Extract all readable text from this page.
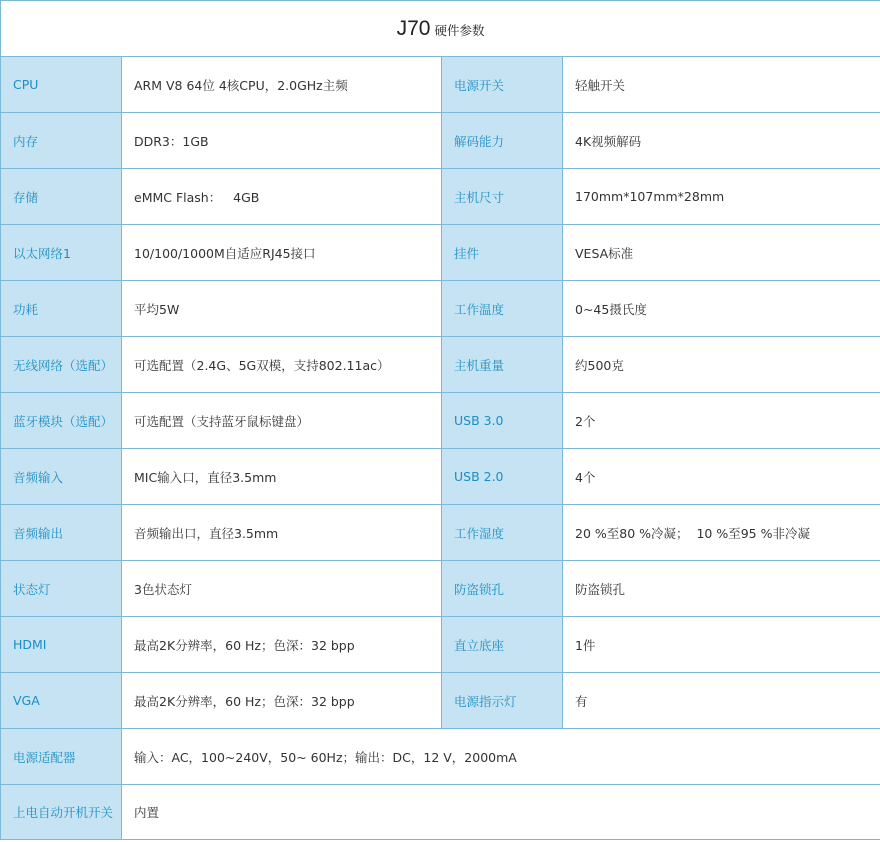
J70 硬件参数			
CPU	ARM V8 64位 4核CPU，2.0GHz主频	电源开关	轻触开关
内存	DDR3：1GB	解码能力	4K视频解码
存储	eMMC Flash：   4GB	主机尺寸	170mm*107mm*28mm
以太网络1	10/100/1000M自适应RJ45接口	挂件	VESA标准
功耗	平均5W	工作温度	0~45摄氏度
无线网络（选配）	可选配置（2.4G、5G双模，支持802.11ac）	主机重量	约500克
蓝牙模块（选配）	可选配置（支持蓝牙鼠标键盘）	USB 3.0	2个
音频输入	MIC输入口，直径3.5mm	USB 2.0	4个
音频输出	音频输出口，直径3.5mm	工作湿度	20 %至80 %冷凝；  10 %至95 %非冷凝
状态灯	3色状态灯	防盗锁孔	防盗锁孔
HDMI	最高2K分辨率，60 Hz；色深：32 bpp	直立底座	1件
VGA	最高2K分辨率，60 Hz；色深：32 bpp	电源指示灯	有
电源适配器	输入：AC，100~240V，50~ 60Hz；输出：DC，12 V，2000mA		
上电自动开机开关	内置		
